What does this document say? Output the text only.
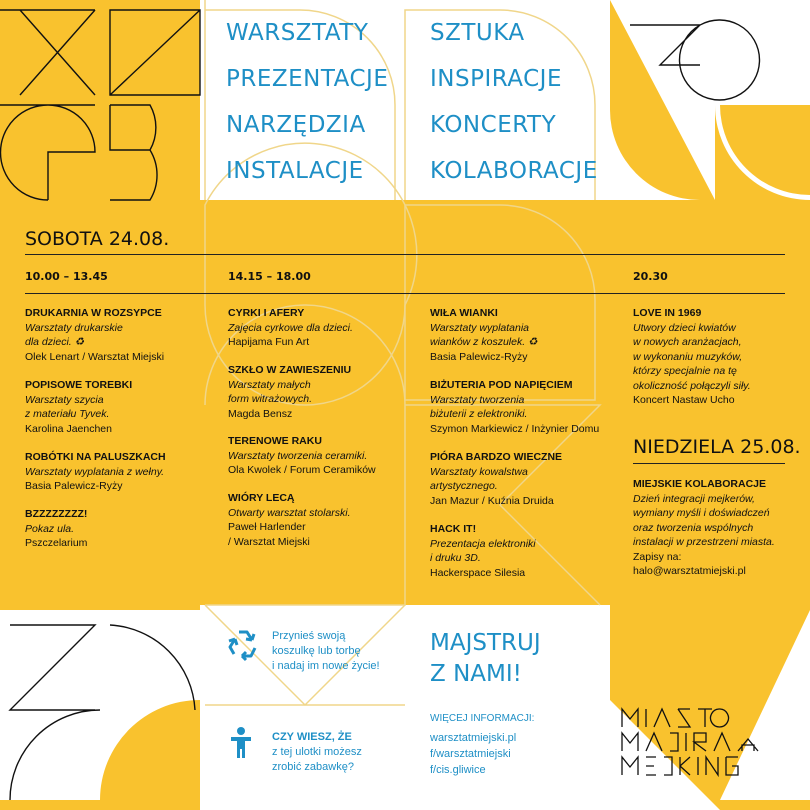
WARSZTATY
PREZENTACJE
NARZĘDZIA
INSTALACJE
SZTUKA
INSPIRACJE
KONCERTY
KOLABORACJE
SOBOTA 24.08.
10.00 – 13.45	14.15 – 18.00	20.30
DRUKARNIA W ROZSYPCE
Warsztaty drukarskie
dla dzieci. ♻
Olek Lenart / Warsztat Miejski
POPISOWE TOREBKI
Warsztaty szycia
z materiału Tyvek.
Karolina Jaenchen
ROBÓTKI NA PALUSZKACH
Warsztaty wyplatania z wełny.
Basia Palewicz-Ryży
BZZZZZZZZ!
Pokaz ula.
Pszczelarium
CYRKI I AFERY
Zajęcia cyrkowe dla dzieci.
Hapijama Fun Art
SZKŁO W ZAWIESZENIU
Warsztaty małych
form witrażowych.
Magda Bensz
TERENOWE RAKU
Warsztaty tworzenia ceramiki.
Ola Kwolek / Forum Ceramików
WIÓRY LECĄ
Otwarty warsztat stolarski.
Paweł Harlender
/ Warsztat Miejski
WIŁA WIANKI
Warsztaty wyplatania
wianków z koszulek. ♻
Basia Palewicz-Ryży
BIŻUTERIA POD NAPIĘCIEM
Warsztaty tworzenia
biżuterii z elektroniki.
Szymon Markiewicz / Inżynier Domu
PIÓRA BARDZO WIECZNE
Warsztaty kowalstwa
artystycznego.
Jan Mazur / Kuźnia Druida
HACK IT!
Prezentacja elektroniki
i druku 3D.
Hackerspace Silesia
LOVE IN 1969
Utwory dzieci kwiatów
w nowych aranżacjach,
w wykonaniu muzyków,
którzy specjalnie na tę
okoliczność połączyli siły.
Koncert Nastaw Ucho
NIEDZIELA 25.08.
MIEJSKIE KOLABORACJE
Dzień integracji mejkerów,
wymiany myśli i doświadczeń
oraz tworzenia wspólnych
instalacji w przestrzeni miasta.
Zapisy na:
halo@warsztatmiejski.pl
Przynieś swoją
koszulkę lub torbę
i nadaj im nowe życie!
CZY WIESZ, ŻE
z tej ulotki możesz
zrobić zabawkę?
MAJSTRUJ
Z NAMI!
WIĘCEJ INFORMACJI:
warsztatmiejski.pl
f/warsztatmiejski
f/cis.gliwice
